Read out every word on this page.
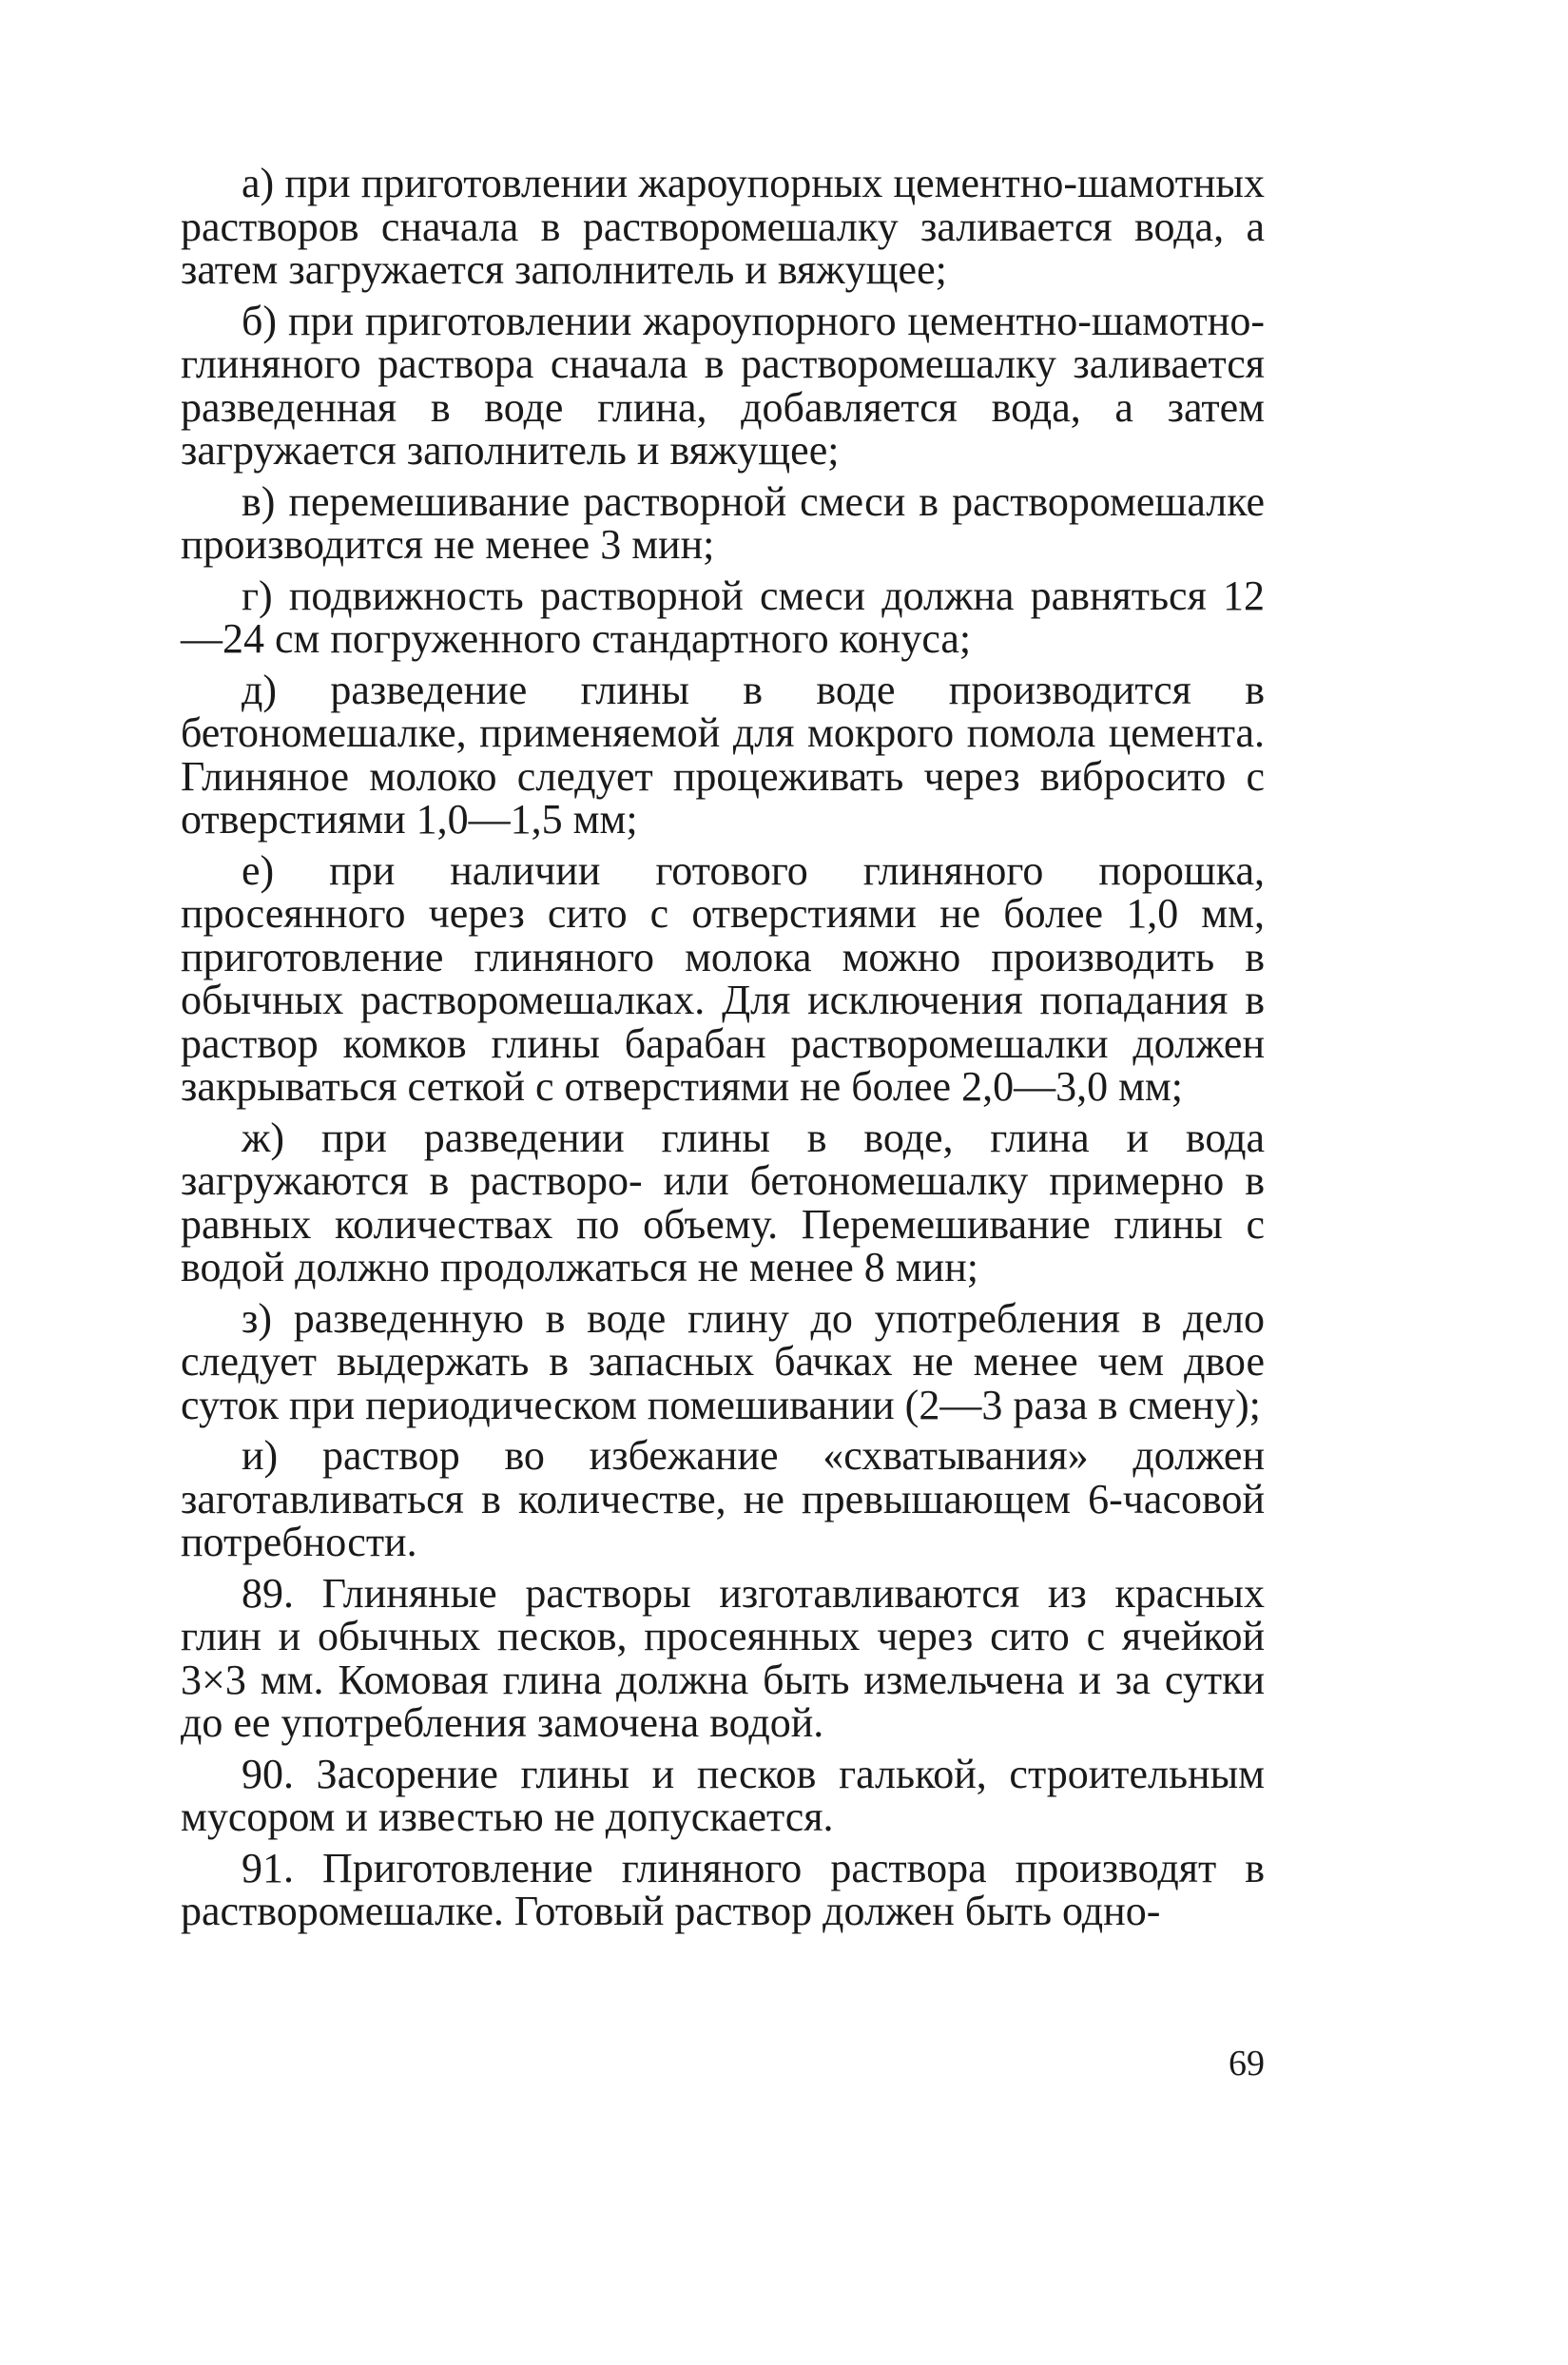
а) при приготовлении жароупорных цементно-шамотных растворов сначала в растворомешалку заливается вода, а затем загружается заполнитель и вяжущее;

б) при приготовлении жароупорного цементно-шамотно-глиняного раствора сначала в растворомешалку заливается разведенная в воде глина, добавляется вода, а затем загружается заполнитель и вяжущее;

в) перемешивание растворной смеси в растворомешалке производится не менее 3 мин;

г) подвижность растворной смеси должна равняться 12—24 см погруженного стандартного конуса;

д) разведение глины в воде производится в бетономешалке, применяемой для мокрого помола цемента. Глиняное молоко следует процеживать через вибросито с отверстиями 1,0—1,5 мм;

е) при наличии готового глиняного порошка, просеянного через сито с отверстиями не более 1,0 мм, приготовление глиняного молока можно производить в обычных растворомешалках. Для исключения попадания в раствор комков глины барабан растворомешалки должен закрываться сеткой с отверстиями не более 2,0—3,0 мм;

ж) при разведении глины в воде, глина и вода загружаются в растворо- или бетономешалку примерно в равных количествах по объему. Перемешивание глины с водой должно продолжаться не менее 8 мин;

з) разведенную в воде глину до употребления в дело следует выдержать в запасных бачках не менее чем двое суток при периодическом помешивании (2—3 раза в смену);

и) раствор во избежание «схватывания» должен заготавливаться в количестве, не превышающем 6-часовой потребности.

89. Глиняные растворы изготавливаются из красных глин и обычных песков, просеянных через сито с ячейкой 3×3 мм. Комовая глина должна быть измельчена и за сутки до ее употребления замочена водой.

90. Засорение глины и песков галькой, строительным мусором и известью не допускается.

91. Приготовление глиняного раствора производят в растворомешалке. Готовый раствор должен быть одно-

69
